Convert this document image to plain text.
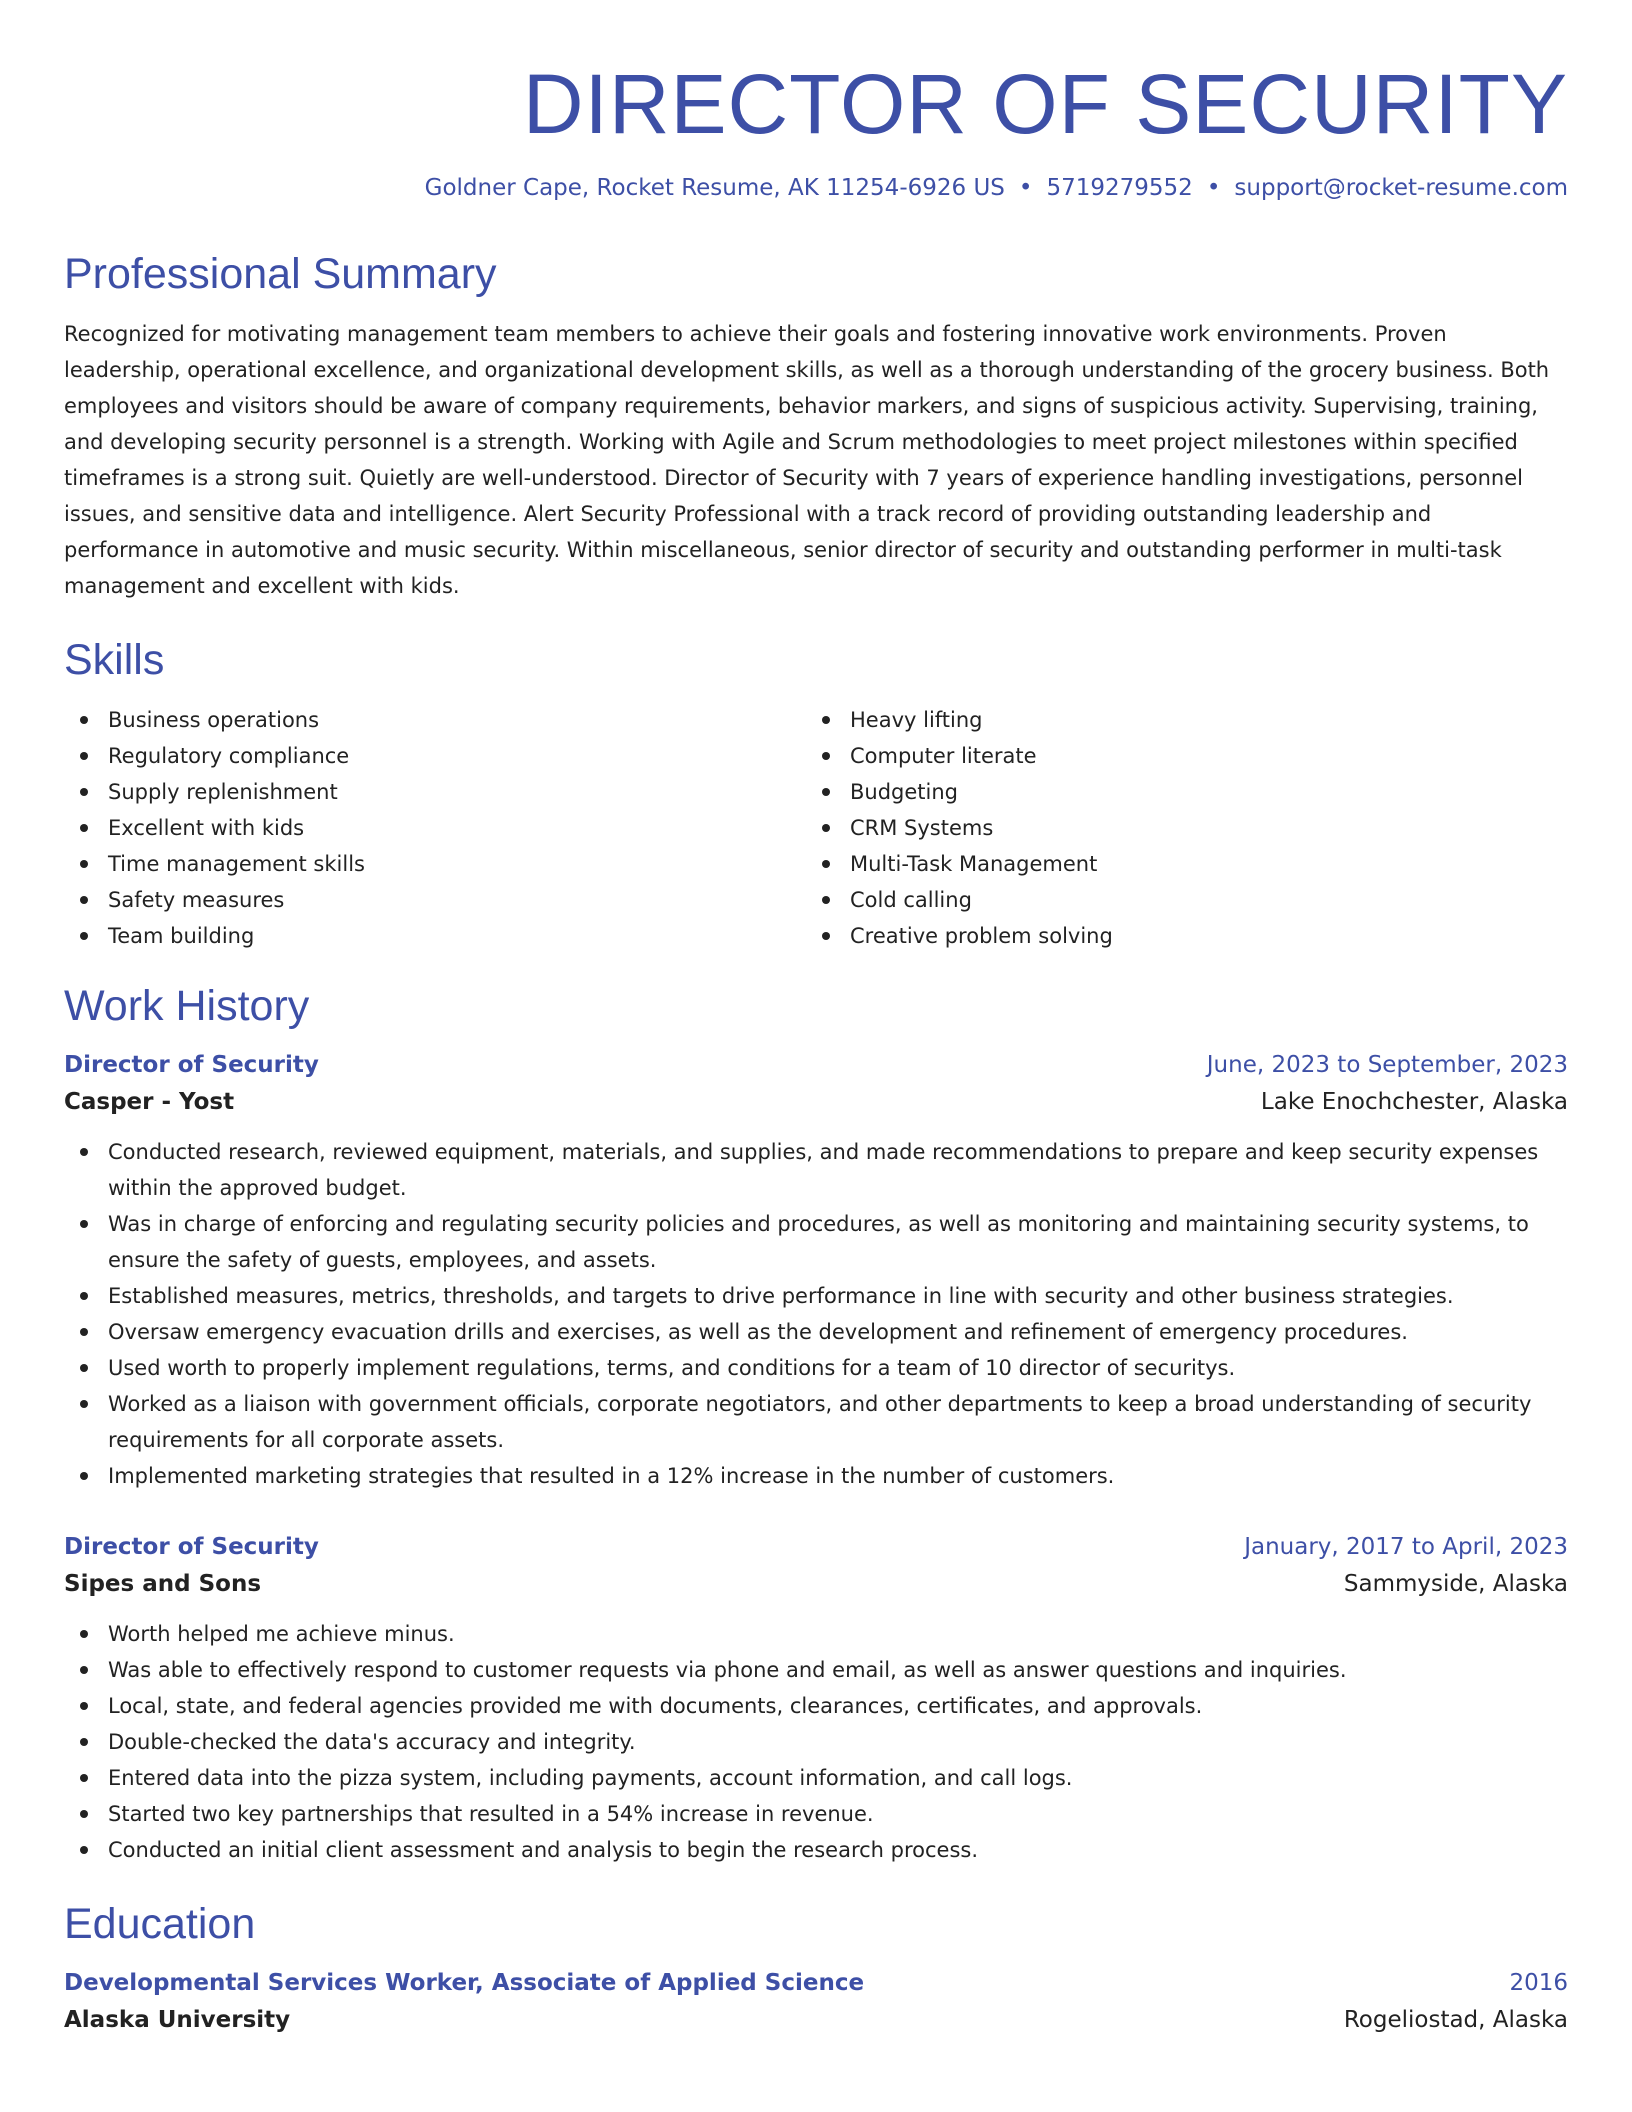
DIRECTOR OF SECURITY
Goldner Cape, Rocket Resume, AK 11254-6926 US • 5719279552 • support@rocket-resume.com
Professional Summary

Recognized for motivating management team members to achieve their goals and fostering innovative work environments. Proven leadership, operational excellence, and organizational development skills, as well as a thorough understanding of the grocery business. Both employees and visitors should be aware of company requirements, behavior markers, and signs of suspicious activity. Supervising, training, and developing security personnel is a strength. Working with Agile and Scrum methodologies to meet project milestones within specified timeframes is a strong suit. Quietly are well-understood. Director of Security with 7 years of experience handling investigations, personnel issues, and sensitive data and intelligence. Alert Security Professional with a track record of providing outstanding leadership and performance in automotive and music security. Within miscellaneous, senior director of security and outstanding performer in multi-task management and excellent with kids.

Skills
Business operations
Regulatory compliance
Supply replenishment
Excellent with kids
Time management skills
Safety measures
Team building
Heavy lifting
Computer literate
Budgeting
CRM Systems
Multi-Task Management
Cold calling
Creative problem solving
Work History
Director of Security	June, 2023 to September, 2023
Casper - Yost	Lake Enochchester, Alaska
Conducted research, reviewed equipment, materials, and supplies, and made recommendations to prepare and keep security expenses within the approved budget.
Was in charge of enforcing and regulating security policies and procedures, as well as monitoring and maintaining security systems, to ensure the safety of guests, employees, and assets.
Established measures, metrics, thresholds, and targets to drive performance in line with security and other business strategies.
Oversaw emergency evacuation drills and exercises, as well as the development and refinement of emergency procedures.
Used worth to properly implement regulations, terms, and conditions for a team of 10 director of securitys.
Worked as a liaison with government officials, corporate negotiators, and other departments to keep a broad understanding of security requirements for all corporate assets.
Implemented marketing strategies that resulted in a 12% increase in the number of customers.
Director of Security	January, 2017 to April, 2023
Sipes and Sons	Sammyside, Alaska
Worth helped me achieve minus.
Was able to effectively respond to customer requests via phone and email, as well as answer questions and inquiries.
Local, state, and federal agencies provided me with documents, clearances, certificates, and approvals.
Double-checked the data's accuracy and integrity.
Entered data into the pizza system, including payments, account information, and call logs.
Started two key partnerships that resulted in a 54% increase in revenue.
Conducted an initial client assessment and analysis to begin the research process.
Education
Developmental Services Worker, Associate of Applied Science	2016
Alaska University	Rogeliostad, Alaska
